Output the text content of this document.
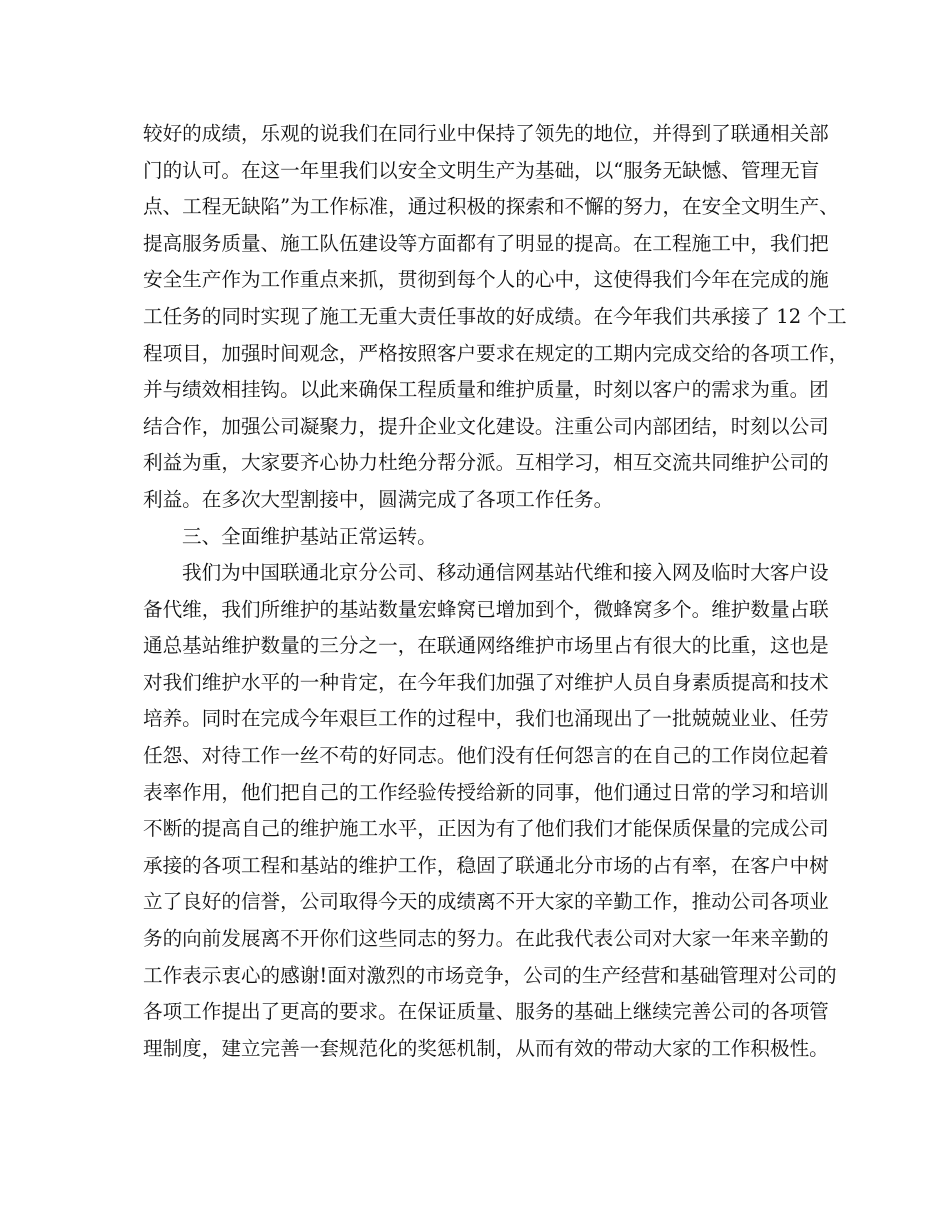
较好的成绩，乐观的说我们在同行业中保持了领先的地位，并得到了联通相关部
门的认可。在这一年里我们以安全文明生产为基础，以“服务无缺憾、管理无盲
点、工程无缺陷”为工作标准，通过积极的探索和不懈的努力，在安全文明生产、
提高服务质量、施工队伍建设等方面都有了明显的提高。在工程施工中，我们把
安全生产作为工作重点来抓，贯彻到每个人的心中，这使得我们今年在完成的施
工任务的同时实现了施工无重大责任事故的好成绩。在今年我们共承接了 12 个工
程项目，加强时间观念，严格按照客户要求在规定的工期内完成交给的各项工作，
并与绩效相挂钩。以此来确保工程质量和维护质量，时刻以客户的需求为重。团
结合作，加强公司凝聚力，提升企业文化建设。注重公司内部团结，时刻以公司
利益为重，大家要齐心协力杜绝分帮分派。互相学习，相互交流共同维护公司的
利益。在多次大型割接中，圆满完成了各项工作任务。
三、全面维护基站正常运转。
我们为中国联通北京分公司、移动通信网基站代维和接入网及临时大客户设
备代维，我们所维护的基站数量宏蜂窝已增加到个，微蜂窝多个。维护数量占联
通总基站维护数量的三分之一，在联通网络维护市场里占有很大的比重，这也是
对我们维护水平的一种肯定，在今年我们加强了对维护人员自身素质提高和技术
培养。同时在完成今年艰巨工作的过程中，我们也涌现出了一批兢兢业业、任劳
任怨、对待工作一丝不苟的好同志。他们没有任何怨言的在自己的工作岗位起着
表率作用，他们把自己的工作经验传授给新的同事，他们通过日常的学习和培训
不断的提高自己的维护施工水平，正因为有了他们我们才能保质保量的完成公司
承接的各项工程和基站的维护工作，稳固了联通北分市场的占有率，在客户中树
立了良好的信誉，公司取得今天的成绩离不开大家的辛勤工作，推动公司各项业
务的向前发展离不开你们这些同志的努力。在此我代表公司对大家一年来辛勤的
工作表示衷心的感谢!面对激烈的市场竞争，公司的生产经营和基础管理对公司的
各项工作提出了更高的要求。在保证质量、服务的基础上继续完善公司的各项管
理制度，建立完善一套规范化的奖惩机制，从而有效的带动大家的工作积极性。
